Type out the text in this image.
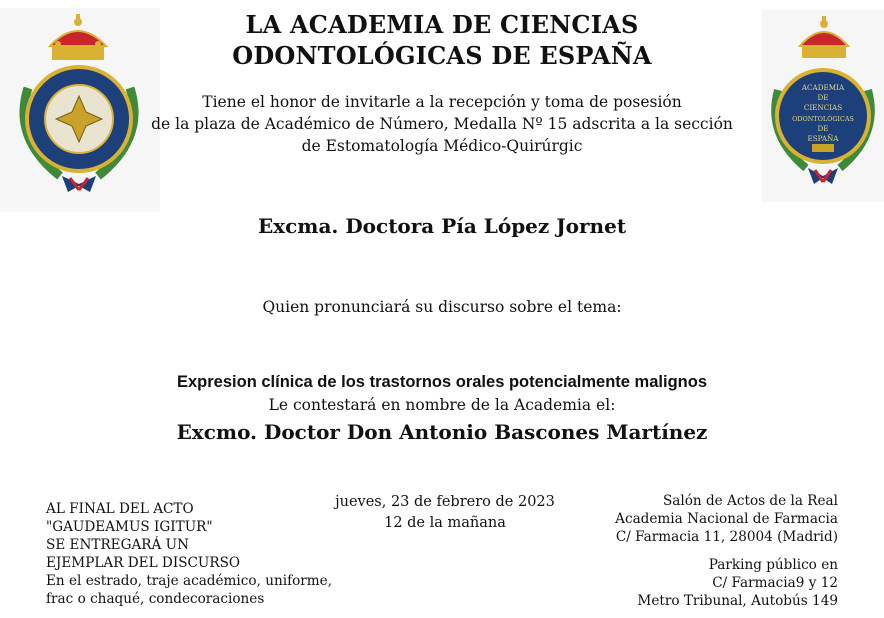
ACADEMIA
DE
CIENCIAS
ODONTOLÓGICAS
DE
ESPAÑA
LA ACADEMIA DE CIENCIAS
ODONTOLÓGICAS DE ESPAÑA
Tiene el honor de invitarle a la recepción y toma de posesión
de la plaza de Académico de Número, Medalla Nº 15 adscrita a la sección
de Estomatología Médico-Quirúrgic
Excma. Doctora Pía López Jornet
Quien pronunciará su discurso sobre el tema:
Expresion clínica de los trastornos orales potencialmente malignos
Le contestará en nombre de la Academia el:
Excmo. Doctor Don Antonio Bascones Martínez
AL FINAL DEL ACTO
"GAUDEAMUS IGITUR"
SE ENTREGARÁ UN
EJEMPLAR DEL DISCURSO
En el estrado, traje académico, uniforme,
frac o chaqué, condecoraciones
jueves, 23 de febrero de 2023
12 de la mañana
Salón de Actos de la Real
Academia Nacional de Farmacia
C/ Farmacia 11, 28004 (Madrid)
Parking público en
C/ Farmacia9 y 12
Metro Tribunal, Autobús 149
